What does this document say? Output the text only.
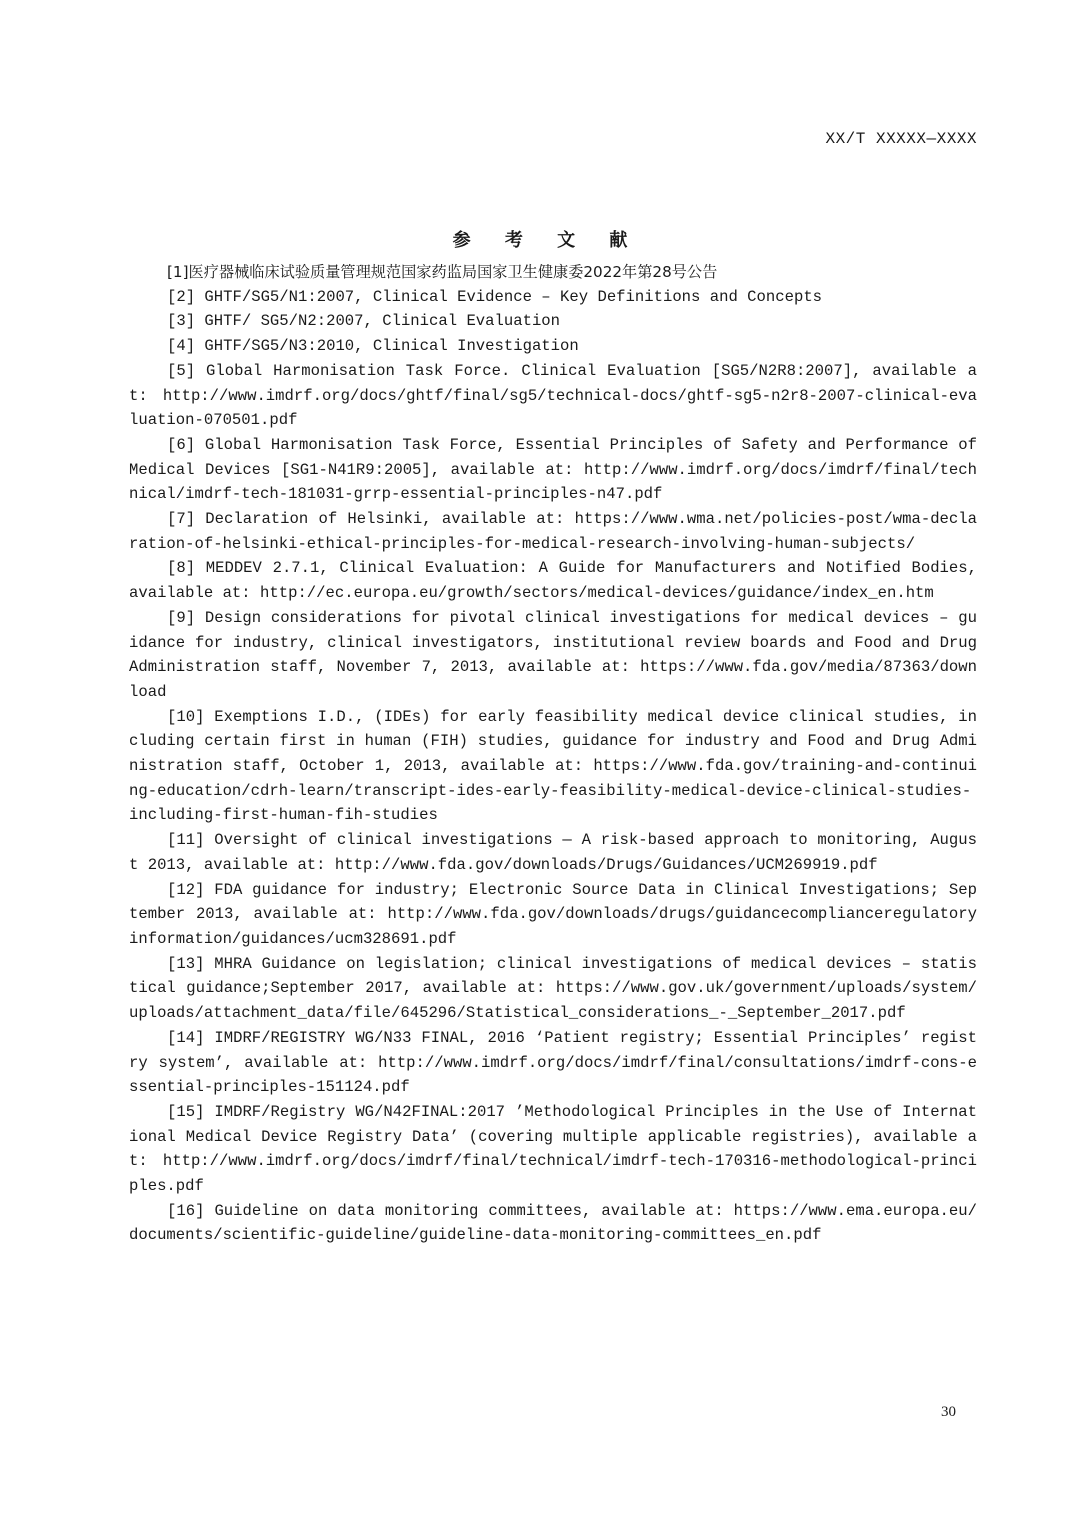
XX/T XXXXX—XXXX
参 考 文 献
[1]医疗器械临床试验质量管理规范国家药监局国家卫生健康委2022年第28号公告
[2] GHTF/SG5/N1:2007, Clinical Evidence – Key Definitions and Concepts
[3] GHTF/ SG5/N2:2007, Clinical Evaluation
[4] GHTF/SG5/N3:2010, Clinical Investigation
[5] Global Harmonisation Task Force. Clinical Evaluation [SG5/N2R8:2007], available at: http://www.imdrf.org/docs/ghtf/final/sg5/technical-docs/ghtf-sg5-n2r8-2007-clinical-evaluation-070501.pdf
[6] Global Harmonisation Task Force, Essential Principles of Safety and Performance of Medical Devices [SG1-N41R9:2005], available at: http://www.imdrf.org/docs/imdrf/final/technical/imdrf-tech-181031-grrp-essential-principles-n47.pdf
[7] Declaration of Helsinki, available at: https://www.wma.net/policies-post/wma-declaration-of-helsinki-ethical-principles-for-medical-research-involving-human-subjects/
[8] MEDDEV 2.7.1, Clinical Evaluation: A Guide for Manufacturers and Notified Bodies, available at: http://ec.europa.eu/growth/sectors/medical-devices/guidance/index_en.htm
[9] Design considerations for pivotal clinical investigations for medical devices – guidance for industry, clinical investigators, institutional review boards and Food and Drug Administration staff, November 7, 2013, available at: https://www.fda.gov/media/87363/download
[10] Exemptions I.D., (IDEs) for early feasibility medical device clinical studies, including certain first in human (FIH) studies, guidance for industry and Food and Drug Administration staff, October 1, 2013, available at: https://www.fda.gov/training-and-continuing-education/cdrh-learn/transcript-ides-early-feasibility-medical-device-clinical-studies-including-first-human-fih-studies
[11] Oversight of clinical investigations — A risk-based approach to monitoring, August 2013, available at: http://www.fda.gov/downloads/Drugs/Guidances/UCM269919.pdf
[12] FDA guidance for industry; Electronic Source Data in Clinical Investigations; September 2013, available at: http://www.fda.gov/downloads/drugs/guidancecomplianceregulatoryinformation/guidances/ucm328691.pdf
[13] MHRA Guidance on legislation; clinical investigations of medical devices – statistical guidance;September 2017, available at: https://www.gov.uk/government/uploads/system/uploads/attachment_data/file/645296/Statistical_considerations_-_September_2017.pdf
[14] IMDRF/REGISTRY WG/N33 FINAL, 2016 ‘Patient registry; Essential Principles’ registry system’, available at: http://www.imdrf.org/docs/imdrf/final/consultations/imdrf-cons-essential-principles-151124.pdf
[15] IMDRF/Registry WG/N42FINAL:2017 ’Methodological Principles in the Use of International Medical Device Registry Data’ (covering multiple applicable registries), available at: http://www.imdrf.org/docs/imdrf/final/technical/imdrf-tech-170316-methodological-principles.pdf
[16] Guideline on data monitoring committees, available at: https://www.ema.europa.eu/documents/scientific-guideline/guideline-data-monitoring-committees_en.pdf
30
